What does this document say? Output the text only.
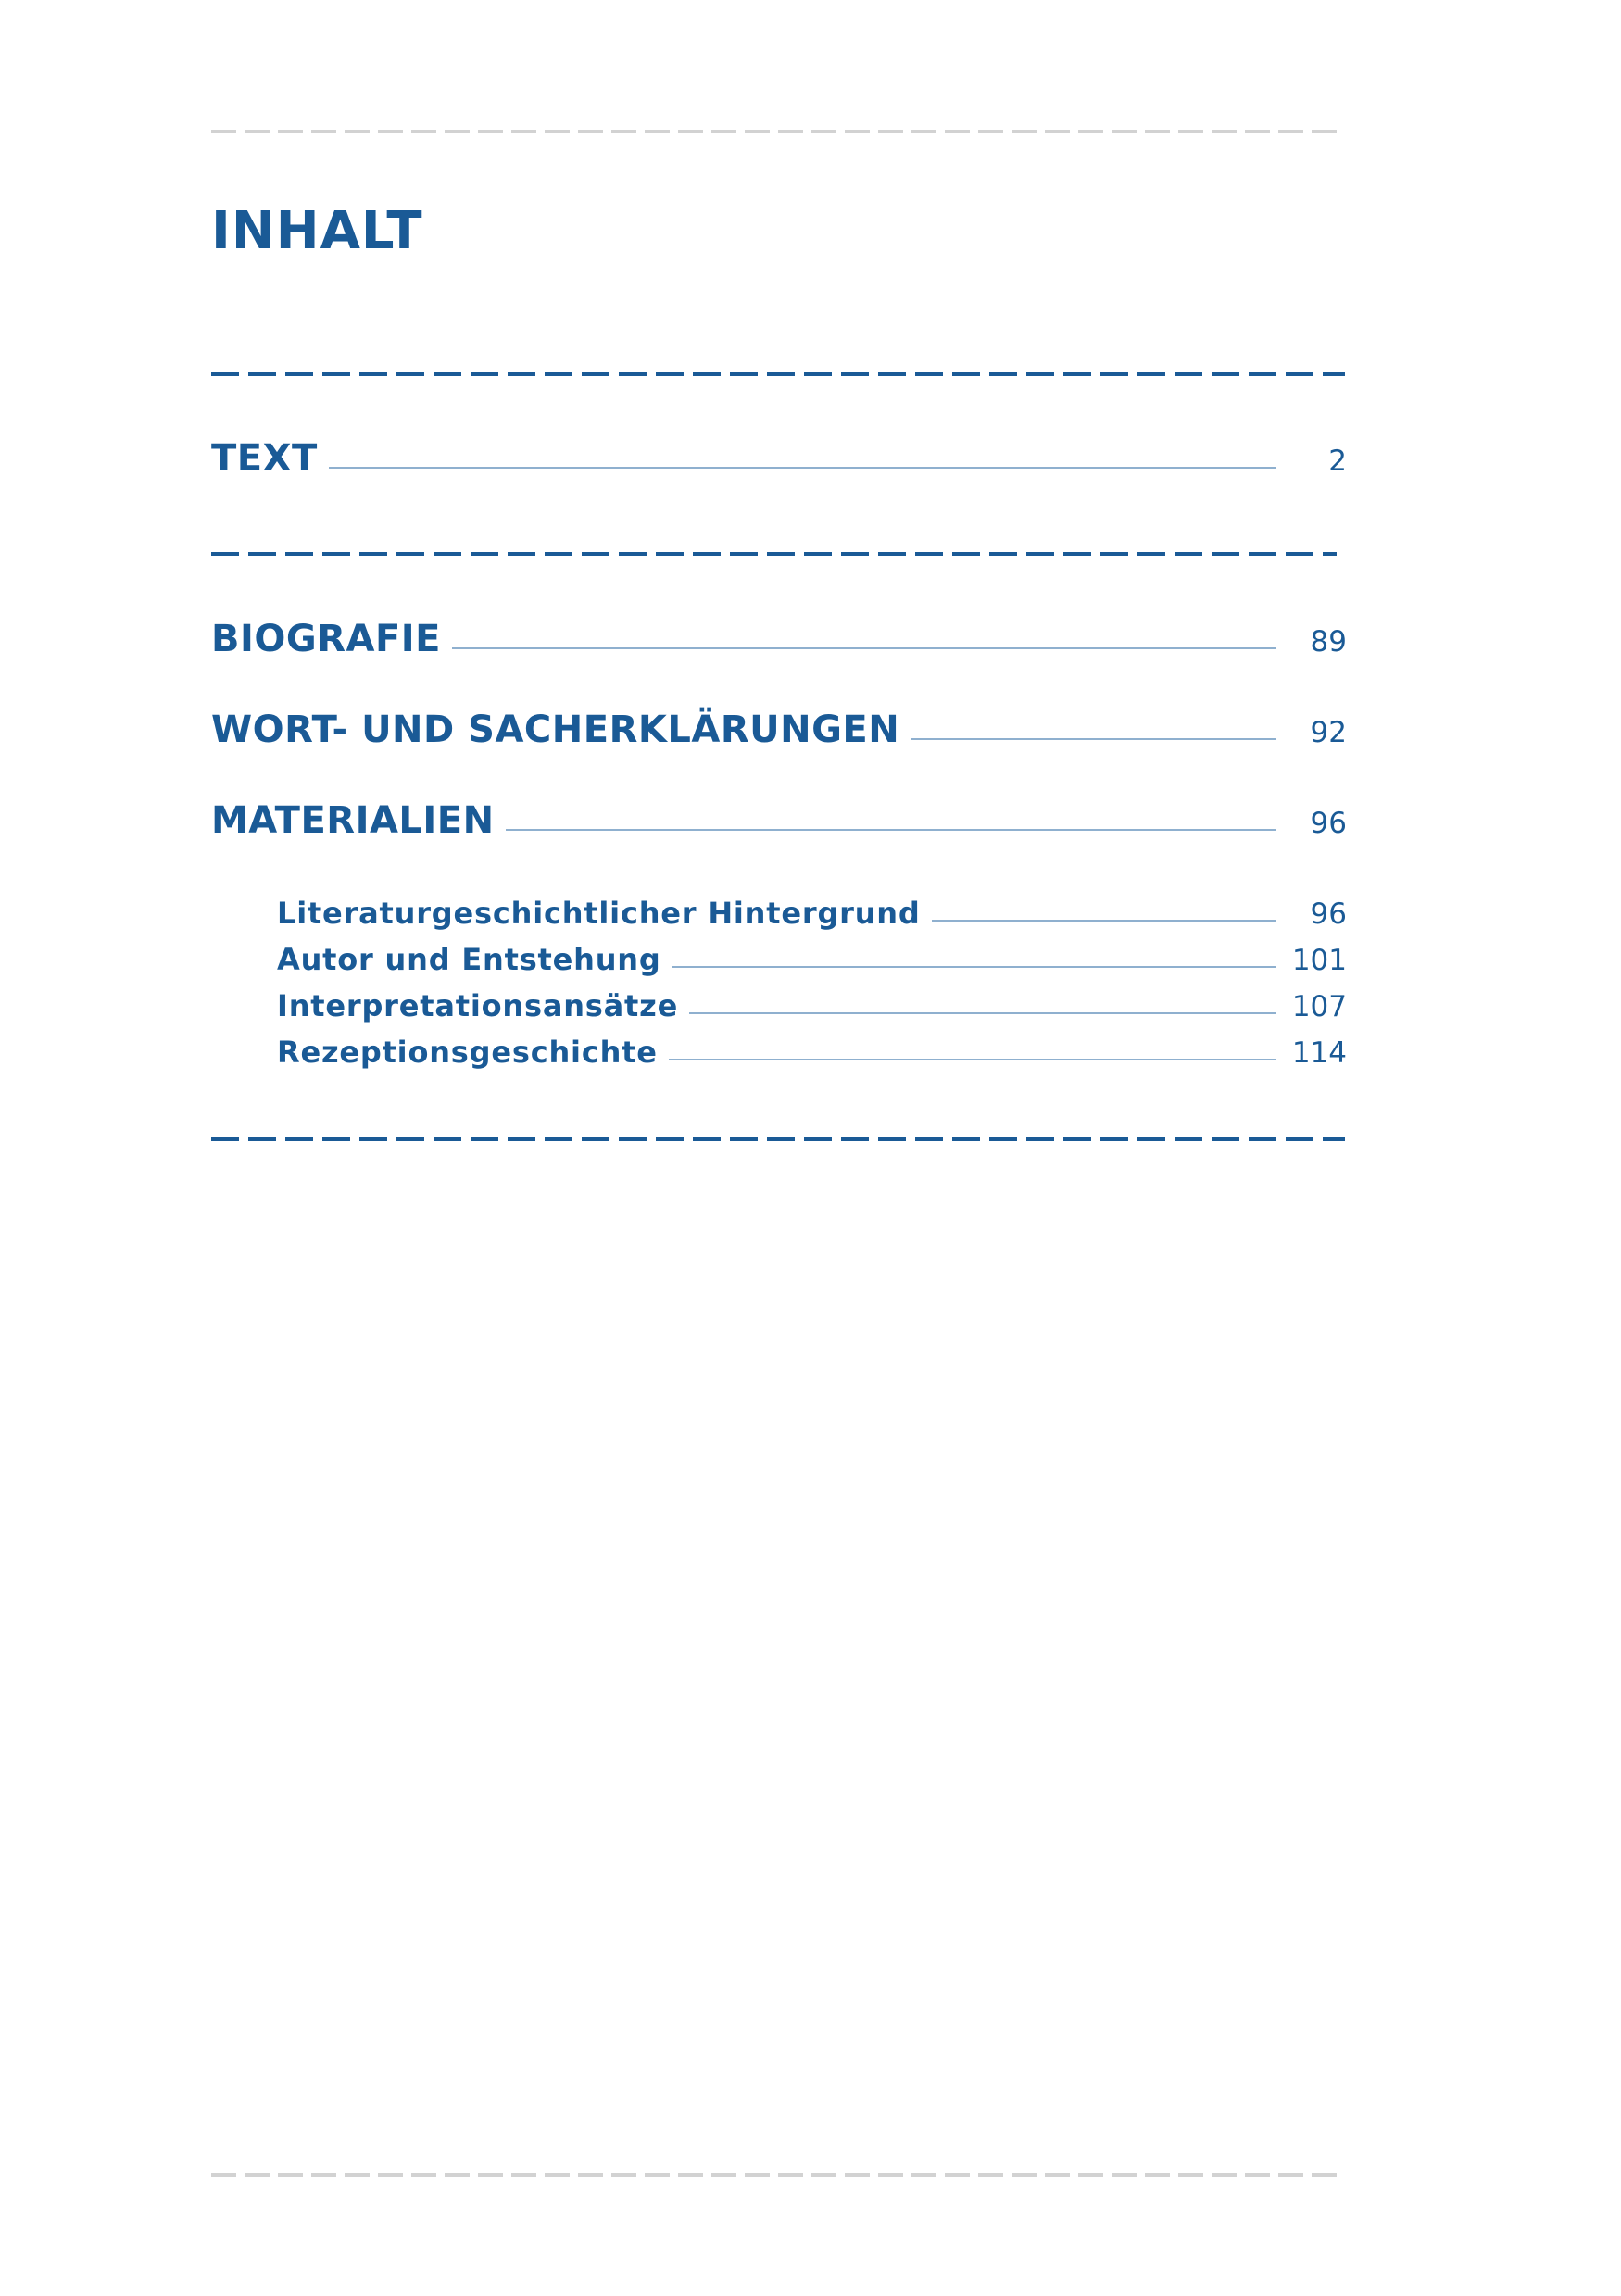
INHALT
TEXT	2
BIOGRAFIE	89
WORT- UND SACHERKLÄRUNGEN	92
MATERIALIEN	96
Literaturgeschichtlicher Hintergrund	96
Autor und Entstehung	101
Interpretationsansätze	107
Rezeptionsgeschichte	114
